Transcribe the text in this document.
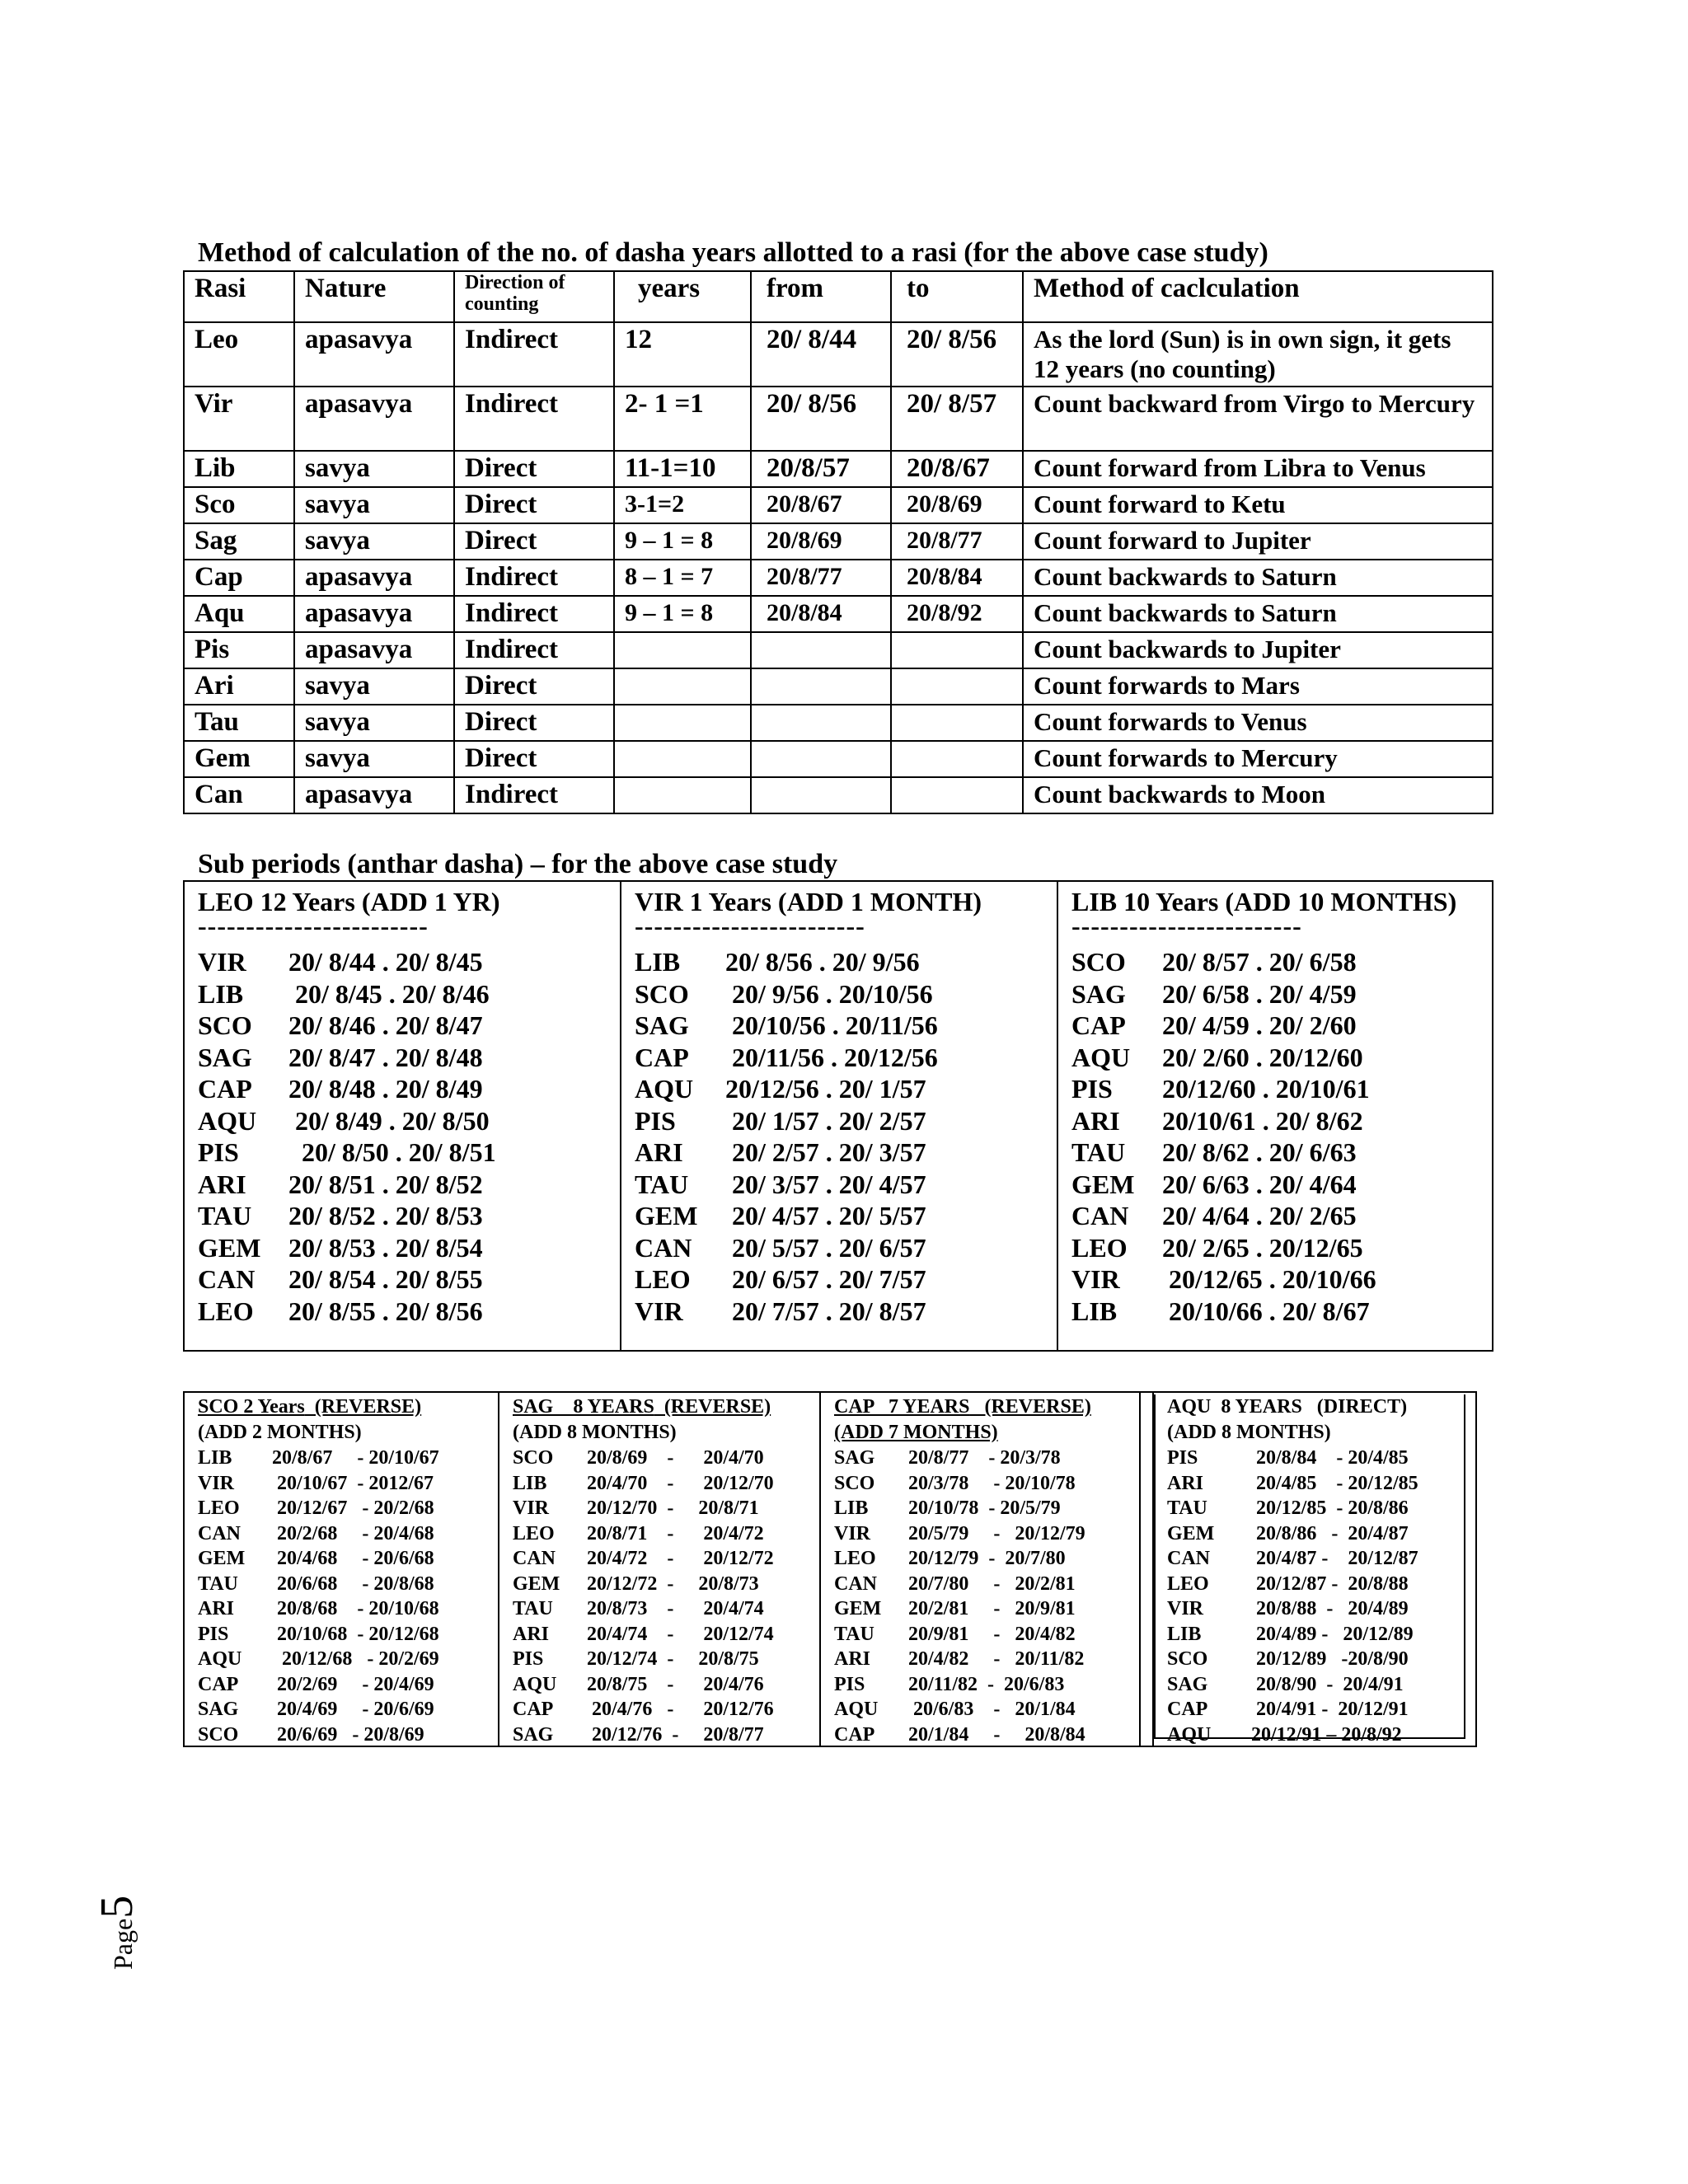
Method of calculation of the no. of dasha years allotted to a rasi (for the above case study)
Rasi	Nature	Direction of counting	years	from	to	Method of caclculation
Leo	apasavya	Indirect	12	20/ 8/44	20/ 8/56	As the lord (Sun) is in own sign, it gets 12 years (no counting)
Vir	apasavya	Indirect	2- 1 =1	20/ 8/56	20/ 8/57	Count backward from Virgo to Mercury
Lib	savya	Direct	11-1=10	20/8/57	20/8/67	Count forward from Libra to Venus
Sco	savya	Direct	3-1=2	20/8/67	20/8/69	Count forward to Ketu
Sag	savya	Direct	9 – 1 = 8	20/8/69	20/8/77	Count forward to Jupiter
Cap	apasavya	Indirect	8 – 1 = 7	20/8/77	20/8/84	Count backwards to Saturn
Aqu	apasavya	Indirect	9 – 1 = 8	20/8/84	20/8/92	Count backwards to Saturn
Pis	apasavya	Indirect				Count backwards to Jupiter
Ari	savya	Direct				Count forwards to Mars
Tau	savya	Direct				Count forwards to Venus
Gem	savya	Direct				Count forwards to Mercury
Can	apasavya	Indirect				Count backwards to Moon
Sub periods (anthar dasha) – for the above case study
LEO 12 Years (ADD 1 YR)
------------------------
VIR	20/ 8/44 . 20/ 8/45
LIB	20/ 8/45 . 20/ 8/46
SCO	20/ 8/46 . 20/ 8/47
SAG	20/ 8/47 . 20/ 8/48
CAP	20/ 8/48 . 20/ 8/49
AQU	20/ 8/49 . 20/ 8/50
PIS	20/ 8/50 . 20/ 8/51
ARI	20/ 8/51 . 20/ 8/52
TAU	20/ 8/52 . 20/ 8/53
GEM	20/ 8/53 . 20/ 8/54
CAN	20/ 8/54 . 20/ 8/55
LEO	20/ 8/55 . 20/ 8/56

VIR 1 Years (ADD 1 MONTH)
------------------------
LIB	20/ 8/56 . 20/ 9/56
SCO	20/ 9/56 . 20/10/56
SAG	20/10/56 . 20/11/56
CAP	20/11/56 . 20/12/56
AQU	20/12/56 . 20/ 1/57
PIS	20/ 1/57 . 20/ 2/57
ARI	20/ 2/57 . 20/ 3/57
TAU	20/ 3/57 . 20/ 4/57
GEM	20/ 4/57 . 20/ 5/57
CAN	20/ 5/57 . 20/ 6/57
LEO	20/ 6/57 . 20/ 7/57
VIR	20/ 7/57 . 20/ 8/57

LIB 10 Years (ADD 10 MONTHS)
------------------------
SCO	20/ 8/57 . 20/ 6/58
SAG	20/ 6/58 . 20/ 4/59
CAP	20/ 4/59 . 20/ 2/60
AQU	20/ 2/60 . 20/12/60
PIS	20/12/60 . 20/10/61
ARI	20/10/61 . 20/ 8/62
TAU	20/ 8/62 . 20/ 6/63
GEM	20/ 6/63 . 20/ 4/64
CAN	20/ 4/64 . 20/ 2/65
LEO	20/ 2/65 . 20/12/65
VIR	20/12/65 . 20/10/66
LIB	20/10/66 . 20/ 8/67
SCO 2 Years  (REVERSE)
(ADD 2 MONTHS)
LIB	20/8/67     - 20/10/67
VIR	20/10/67  - 2012/67
LEO	20/12/67   - 20/2/68
CAN	20/2/68     - 20/4/68
GEM	20/4/68     - 20/6/68
TAU	20/6/68     - 20/8/68
ARI	20/8/68    - 20/10/68
PIS	20/10/68  - 20/12/68
AQU	20/12/68   - 20/2/69
CAP	20/2/69     - 20/4/69
SAG	20/4/69     - 20/6/69
SCO	20/6/69   - 20/8/69
SAG    8 YEARS  (REVERSE)
(ADD 8 MONTHS)
SCO	20/8/69    -      20/4/70
LIB	20/4/70    -      20/12/70
VIR	20/12/70  -     20/8/71
LEO	20/8/71    -      20/4/72
CAN	20/4/72    -      20/12/72
GEM	20/12/72  -     20/8/73
TAU	20/8/73    -      20/4/74
ARI	20/4/74    -      20/12/74
PIS	20/12/74  -     20/8/75
AQU	20/8/75    -      20/4/76
CAP	20/4/76   -      20/12/76
SAG	20/12/76  -     20/8/77
CAP   7 YEARS   (REVERSE)
(ADD 7 MONTHS)
SAG	20/8/77    - 20/3/78
SCO	20/3/78     - 20/10/78
LIB	20/10/78  - 20/5/79
VIR	20/5/79     -   20/12/79
LEO	20/12/79  -  20/7/80
CAN	20/7/80     -   20/2/81
GEM	20/2/81     -   20/9/81
TAU	20/9/81     -   20/4/82
ARI	20/4/82     -   20/11/82
PIS	20/11/82  -  20/6/83
AQU	20/6/83    -   20/1/84
CAP	20/1/84     -     20/8/84
AQU  8 YEARS   (DIRECT)
(ADD 8 MONTHS)
PIS	20/8/84    - 20/4/85
ARI	20/4/85    - 20/12/85
TAU	20/12/85  - 20/8/86
GEM	20/8/86   -  20/4/87
CAN	20/4/87 -    20/12/87
LEO	20/12/87 -  20/8/88
VIR	20/8/88  -   20/4/89
LIB	20/4/89 -   20/12/89
SCO	20/12/89   -20/8/90
SAG	20/8/90  -  20/4/91
CAP	20/4/91 -  20/12/91
AQU	20/12/91 – 20/8/92
Page5
